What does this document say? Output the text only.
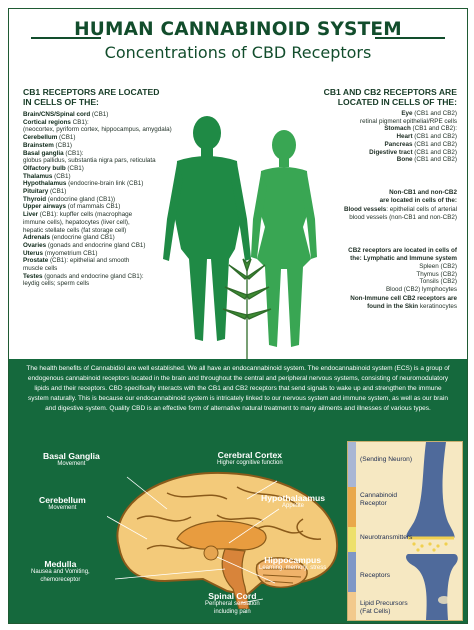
HUMAN CANNABINOID SYSTEM
Concentrations of CBD Receptors
CB1 RECEPTORS ARE LOCATED
IN CELLS OF THE:
Brain/CNS/Spinal cord (CB1)
Cortical regions CB1):
(neocortex, pyriform cortex, hippocampus, amygdala)
Cerebellum (CB1)
Brainstem (CB1)
Basal ganglia (CB1):
globus pallidus, substantia nigra pars, reticulata
Olfactory bulb (CB1)
Thalamus (CB1)
Hypothalamus (endocrine-brain link (CB1)
Pituitary (CB1)
Thyroid (endocrine gland (CB1))
Upper airways (of mammals CB1)
Liver (CB1): kupffer cells (macrophage
immune cells), hepatocytes (liver cell),
hepatic stellate cells (fat storage cell)
Adrenals (endocrine gland CB1)
Ovaries (gonads and endocrine gland CB1)
Uterus (myometrium CB1)
Prostate (CB1): epithelial and smooth
muscle cells
Testes (gonads and endocrine gland CB1):
leydig cells; sperm cells
CB1 AND CB2 RECEPTORS ARE
LOCATED IN CELLS OF THE:
Eye (CB1 and CB2)
retinal pigment epithelial/RPE cells
Stomach (CB1 and CB2):
Heart (CB1 and CB2)
Pancreas (CB1 and CB2)
Digestive tract (CB1 and CB2)
Bone (CB1 and CB2)
Non-CB1 and non-CB2
are located in cells of the:
Blood vessels: epithelial cells of arterial
blood vessels (non-CB1 and non-CB2)
CB2 receptors are located in cells of
the: Lymphatic and Immune system
Spleen (CB2)
Thymus (CB2)
Tonsils (CB2)
Blood (CB2) lymphocytes
Non-Immune cell CB2 receptors are
found in the Skin keratinocytes
The health benefits of Cannabidiol are well established. We all have an endocannabinoid system. The endocannabinoid system (ECS) is a group of endogenous cannabinoid receptors located in the brain and throughout the central and peripheral nervous systems, consisting of neuromodulatory lipids and their receptors. CBD specifically interacts with the CB1 and CB2 receptors that send signals to wake up and strengthen the immune system naturally. This is because our endocannabinoid system is intricately linked to our nervous system and immune system, as well as our brain and digestive system. Quality CBD is an effective form of alternative natural treatment to many ailments and illnesses of various types.
Basal Ganglia
Movement
Cerebral Cortex
Higher cognitive function
Cerebellum
Movement
Hypothalaamus
Appetite
Medulla
Nausea and Vomiting,
chemoreceptor
Hippocampus
Learning, memory, stress
Spinal Cord
Peripheral sensation
including pain
(Sending Neuron)
Cannabinoid
Receptor
Neurotransmitters
Receptors
Lipid Precursors
(Fat Cells)
